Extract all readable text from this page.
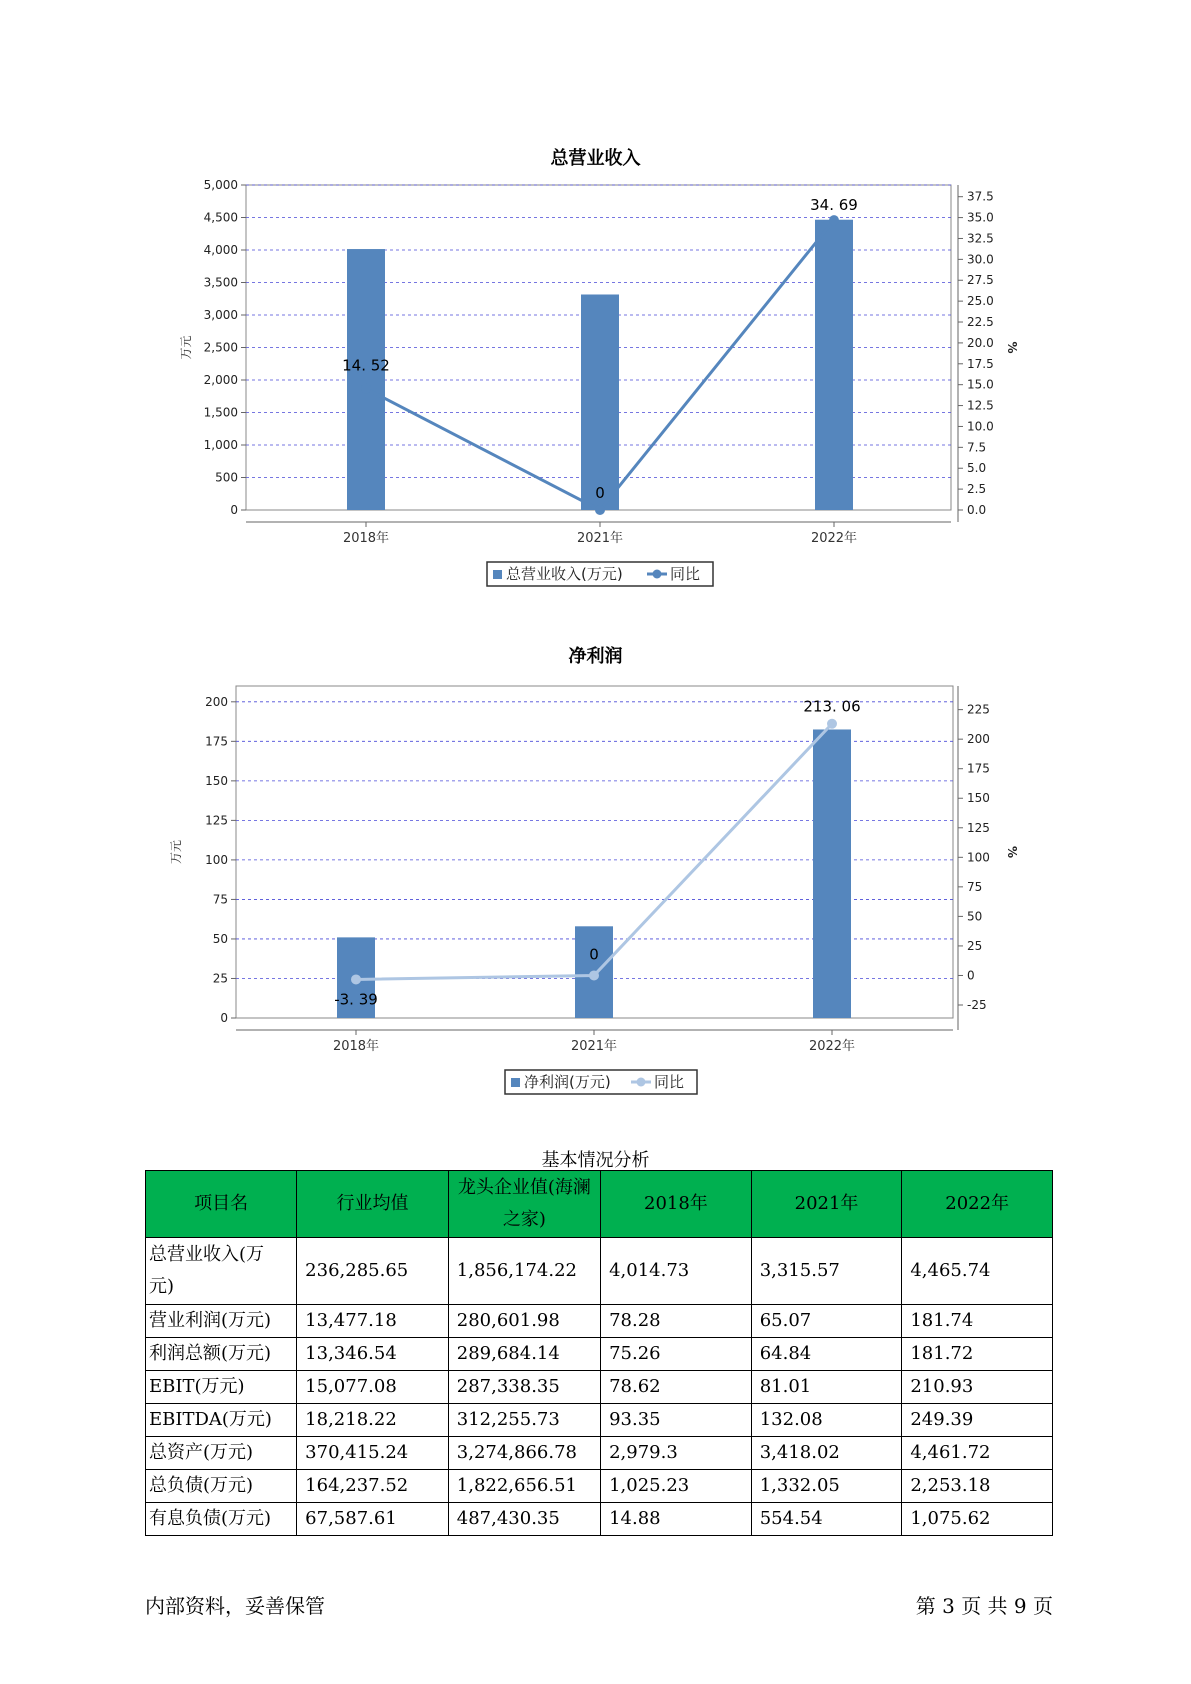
总营业收入
0
500
1,000
1,500
2,000
2,500
3,000
3,500
4,000
4,500
5,000
万元
0.0
2.5
5.0
7.5
10.0
12.5
15.0
17.5
20.0
22.5
25.0
27.5
30.0
32.5
35.0
37.5
%
2018年	2021年	2022年
14. 52
0
34. 69
总营业收入(万元)	同比
净利润
0
25
50
75
100
125
150
175
200
万元
-25
0
25
50
75
100
125
150
175
200
225
%
2018年	2021年	2022年
-3. 39
0
213. 06
净利润(万元)	同比
基本情况分析
项目名	行业均值	龙头企业值(海澜之家)	2018年	2021年	2022年
总营业收入(万元)	236,285.65	1,856,174.22	4,014.73	3,315.57	4,465.74
营业利润(万元)	13,477.18	280,601.98	78.28	65.07	181.74
利润总额(万元)	13,346.54	289,684.14	75.26	64.84	181.72
EBIT(万元)	15,077.08	287,338.35	78.62	81.01	210.93
EBITDA(万元)	18,218.22	312,255.73	93.35	132.08	249.39
总资产(万元)	370,415.24	3,274,866.78	2,979.3	3,418.02	4,461.72
总负债(万元)	164,237.52	1,822,656.51	1,025.23	1,332.05	2,253.18
有息负债(万元)	67,587.61	487,430.35	14.88	554.54	1,075.62
内部资料，妥善保管	第 3 页 共 9 页
